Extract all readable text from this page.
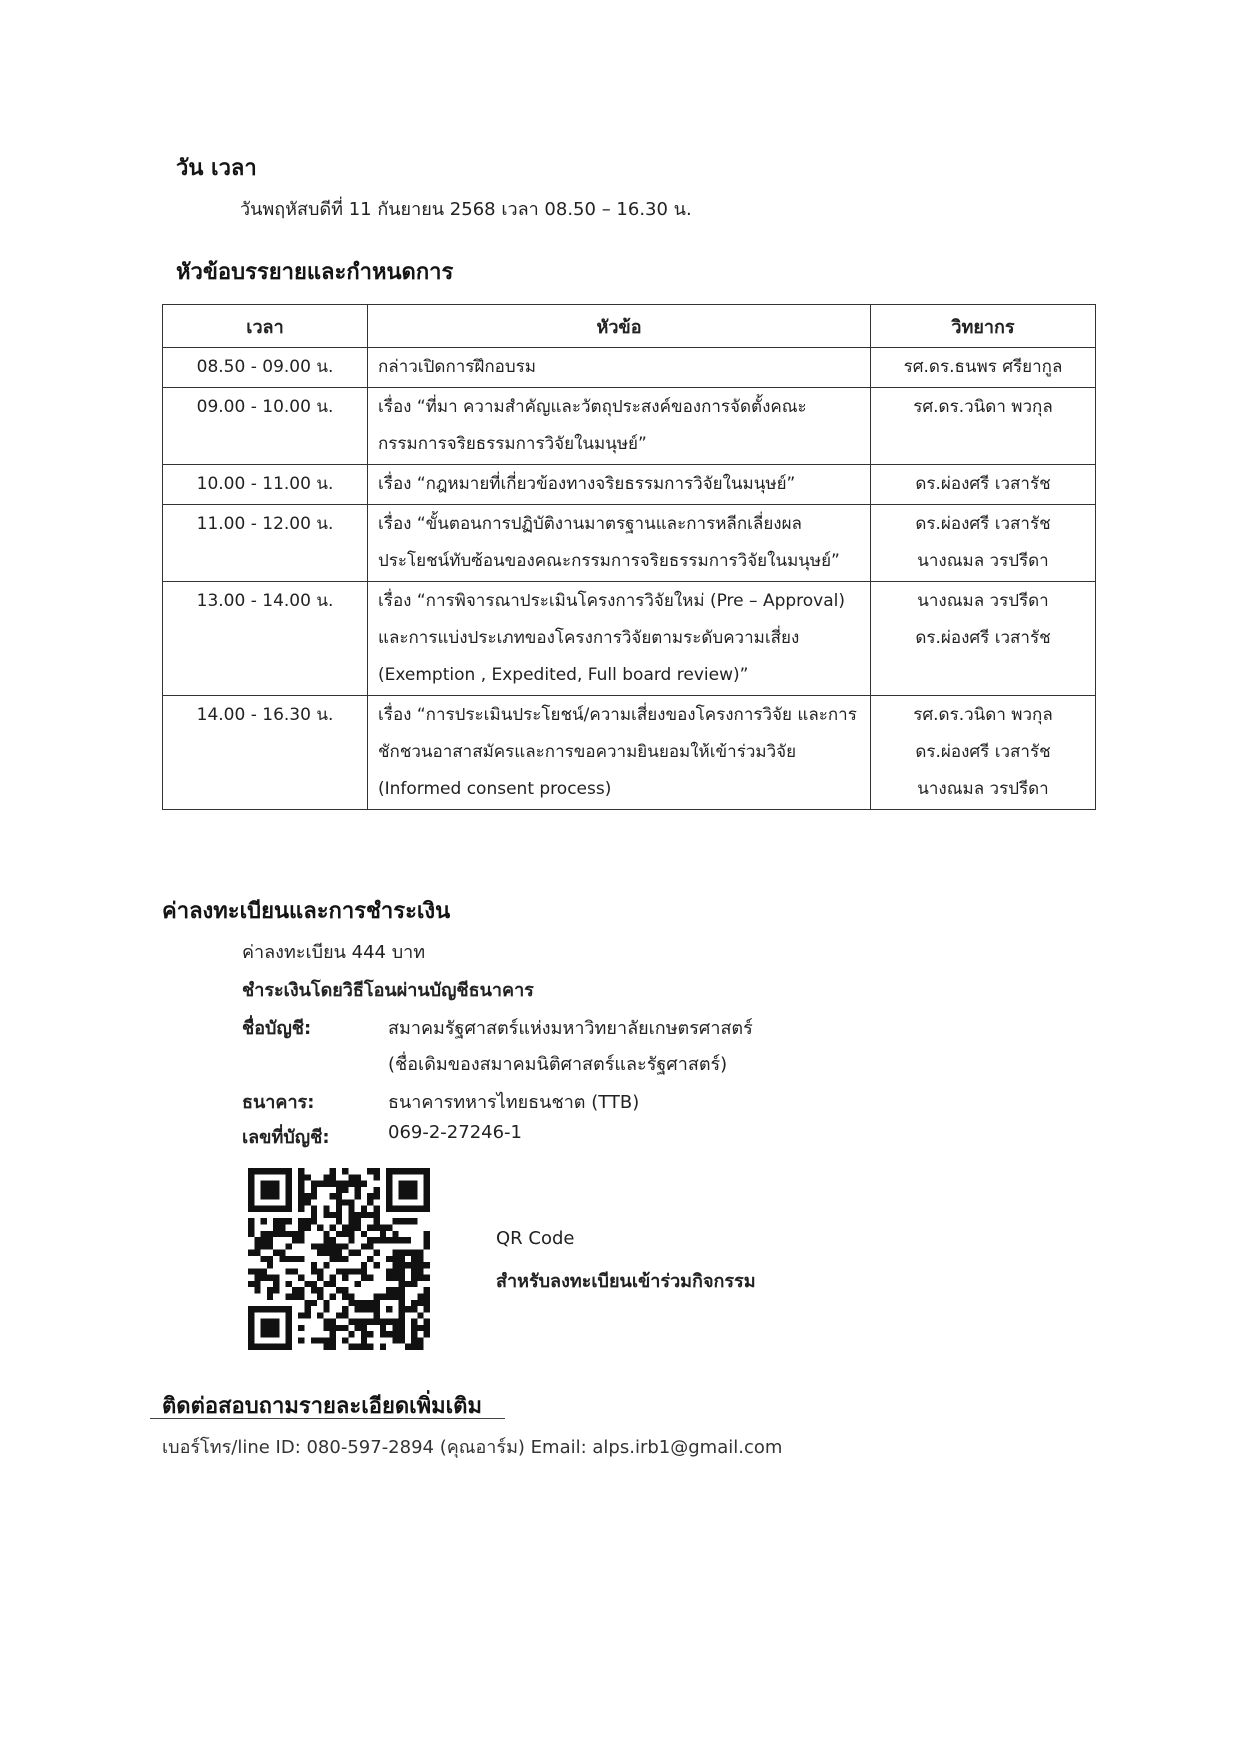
วัน เวลา

วันพฤหัสบดีที่ 11 กันยายน 2568 เวลา 08.50 – 16.30 น.

หัวข้อบรรยายและกำหนดการ
เวลา	หัวข้อ	วิทยากร
08.50 - 09.00 น.	กล่าวเปิดการฝึกอบรม	รศ.ดร.ธนพร ศรียากูล

09.00 - 10.00 น.	เรื่อง “ที่มา ความสำคัญและวัตถุประสงค์ของการจัดตั้งคณะกรรมการจริยธรรมการวิจัยในมนุษย์”	รศ.ดร.วนิดา พวกุล

10.00 - 11.00 น.	เรื่อง “กฎหมายที่เกี่ยวข้องทางจริยธรรมการวิจัยในมนุษย์”	ดร.ผ่องศรี เวสารัช

11.00 - 12.00 น.	เรื่อง “ขั้นตอนการปฏิบัติงานมาตรฐานและการหลีกเลี่ยงผลประโยชน์ทับซ้อนของคณะกรรมการจริยธรรมการวิจัยในมนุษย์”	ดร.ผ่องศรี เวสารัช
นางณมล วรปรีดา

13.00 - 14.00 น.	เรื่อง “การพิจารณาประเมินโครงการวิจัยใหม่ (Pre – Approval) และการแบ่งประเภทของโครงการวิจัยตามระดับความเสี่ยง (Exemption , Expedited, Full board review)”	นางณมล วรปรีดา
ดร.ผ่องศรี เวสารัช

14.00 - 16.30 น.	เรื่อง “การประเมินประโยชน์/ความเสี่ยงของโครงการวิจัย และการชักชวนอาสาสมัครและการขอความยินยอมให้เข้าร่วมวิจัย (Informed consent process)	รศ.ดร.วนิดา พวกุล
ดร.ผ่องศรี เวสารัช
นางณมล วรปรีดา
ค่าลงทะเบียนและการชำระเงิน

ค่าลงทะเบียน 444 บาท

ชำระเงินโดยวิธีโอนผ่านบัญชีธนาคาร

ชื่อบัญชี:	สมาคมรัฐศาสตร์แห่งมหาวิทยาลัยเกษตรศาสตร์
(ชื่อเดิมของสมาคมนิติศาสตร์และรัฐศาสตร์)
ธนาคาร:	ธนาคารทหารไทยธนชาต (TTB)
เลขที่บัญชี:	069-2-27246-1

QR Code

สำหรับลงทะเบียนเข้าร่วมกิจกรรม

ติดต่อสอบถามรายละเอียดเพิ่มเติม

เบอร์โทร/line ID: 080-597-2894 (คุณอาร์ม) Email: alps.irb1@gmail.com
